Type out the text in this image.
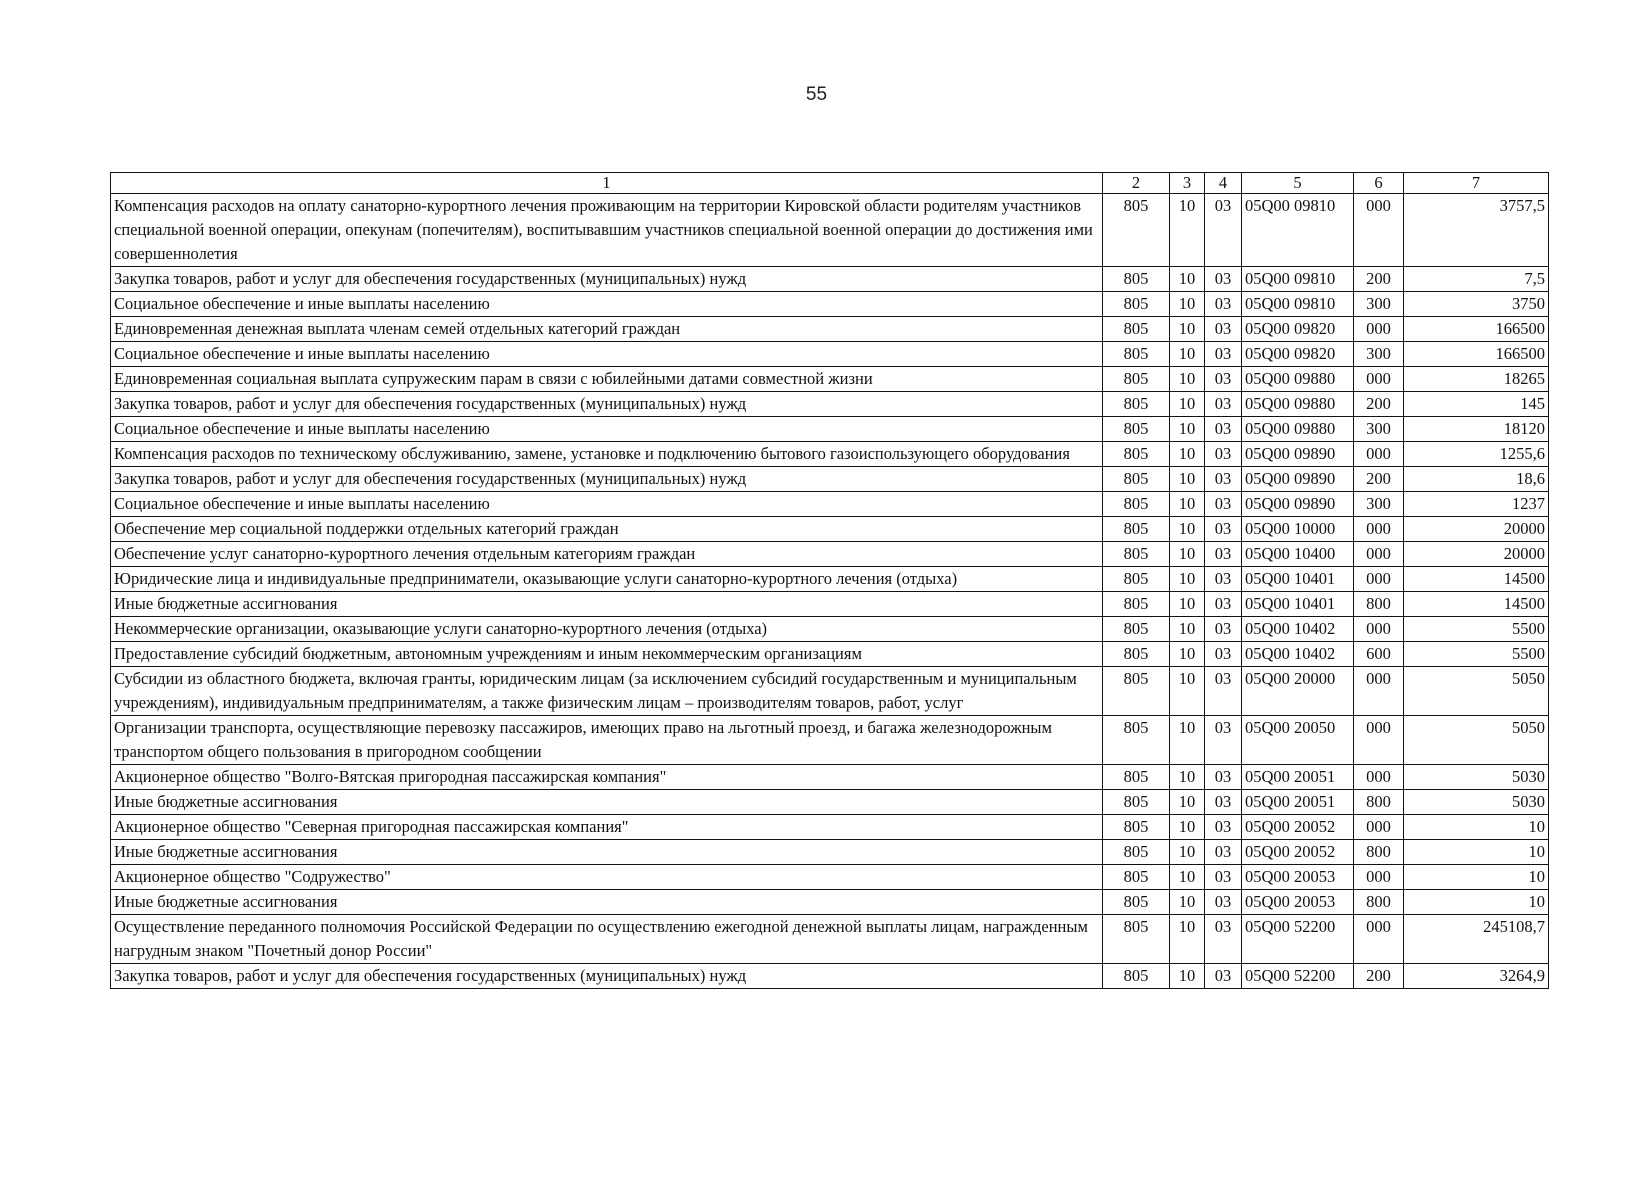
55
1	2	3	4	5	6	7
Компенсация расходов на оплату санаторно-курортного лечения проживающим на территории Кировской области родителям участников специальной военной операции, опекунам (попечителям), воспитывавшим участников специальной военной операции до достижения ими совершеннолетия	805	10	03	05Q00 09810	000	3757,5
Закупка товаров, работ и услуг для обеспечения государственных (муниципальных) нужд	805	10	03	05Q00 09810	200	7,5
Социальное обеспечение и иные выплаты населению	805	10	03	05Q00 09810	300	3750
Единовременная денежная выплата членам семей отдельных категорий граждан	805	10	03	05Q00 09820	000	166500
Социальное обеспечение и иные выплаты населению	805	10	03	05Q00 09820	300	166500
Единовременная социальная выплата супружеским парам в связи с юбилейными датами совместной жизни	805	10	03	05Q00 09880	000	18265
Закупка товаров, работ и услуг для обеспечения государственных (муниципальных) нужд	805	10	03	05Q00 09880	200	145
Социальное обеспечение и иные выплаты населению	805	10	03	05Q00 09880	300	18120
Компенсация расходов по техническому обслуживанию, замене, установке и подключению бытового газоиспользующего оборудования	805	10	03	05Q00 09890	000	1255,6
Закупка товаров, работ и услуг для обеспечения государственных (муниципальных) нужд	805	10	03	05Q00 09890	200	18,6
Социальное обеспечение и иные выплаты населению	805	10	03	05Q00 09890	300	1237
Обеспечение мер социальной поддержки отдельных категорий граждан	805	10	03	05Q00 10000	000	20000
Обеспечение услуг санаторно-курортного лечения отдельным категориям граждан	805	10	03	05Q00 10400	000	20000
Юридические лица и индивидуальные предприниматели, оказывающие услуги санаторно-курортного лечения (отдыха)	805	10	03	05Q00 10401	000	14500
Иные бюджетные ассигнования	805	10	03	05Q00 10401	800	14500
Некоммерческие организации, оказывающие услуги санаторно-курортного лечения (отдыха)	805	10	03	05Q00 10402	000	5500
Предоставление субсидий бюджетным, автономным учреждениям и иным некоммерческим организациям	805	10	03	05Q00 10402	600	5500
Субсидии из областного бюджета, включая гранты, юридическим лицам (за исключением субсидий государственным и муниципальным учреждениям), индивидуальным предпринимателям, а также физическим лицам – производителям товаров, работ, услуг	805	10	03	05Q00 20000	000	5050
Организации транспорта, осуществляющие перевозку пассажиров, имеющих право на льготный проезд, и багажа железнодорожным транспортом общего пользования в пригородном сообщении	805	10	03	05Q00 20050	000	5050
Акционерное общество "Волго-Вятская пригородная пассажирская компания"	805	10	03	05Q00 20051	000	5030
Иные бюджетные ассигнования	805	10	03	05Q00 20051	800	5030
Акционерное общество "Северная пригородная пассажирская компания"	805	10	03	05Q00 20052	000	10
Иные бюджетные ассигнования	805	10	03	05Q00 20052	800	10
Акционерное общество "Содружество"	805	10	03	05Q00 20053	000	10
Иные бюджетные ассигнования	805	10	03	05Q00 20053	800	10
Осуществление переданного полномочия Российской Федерации по осуществлению ежегодной денежной выплаты лицам, награжденным нагрудным знаком "Почетный донор России"	805	10	03	05Q00 52200	000	245108,7
Закупка товаров, работ и услуг для обеспечения государственных (муниципальных) нужд	805	10	03	05Q00 52200	200	3264,9
